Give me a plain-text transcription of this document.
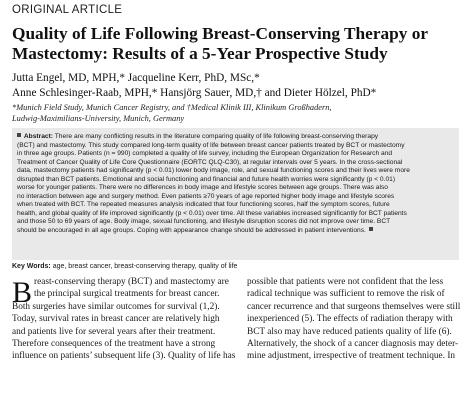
ORIGINAL ARTICLE
Quality of Life Following Breast-Conserving Therapy or
Mastectomy: Results of a 5-Year Prospective Study
Jutta Engel, MD, MPH,* Jacqueline Kerr, PhD, MSc,*
Anne Schlesinger-Raab, MPH,* Hansjörg Sauer, MD,† and Dieter Hölzel, PhD*
*Munich Field Study, Munich Cancer Registry, and †Medical Klinik III, Klinikum Großhadern,
Ludwig-Maximilians-University, Munich, Germany
Abstract: There are many conflicting results in the literature comparing quality of life following breast-conserving therapy
(BCT) and mastectomy. This study compared long-term quality of life between breast cancer patients treated by BCT or mastectomy
in three age groups. Patients (n = 990) completed a quality of life survey, including the European Organization for Research and
Treatment of Cancer Quality of Life Core Questionnaire (EORTC QLQ-C30), at regular intervals over 5 years. In the cross-sectional
data, mastectomy patients had significantly (p < 0.01) lower body image, role, and sexual functioning scores and their lives were more
disrupted than BCT patients. Emotional and social functioning and financial and future health worries were significantly (p < 0.01)
worse for younger patients. There were no differences in body image and lifestyle scores between age groups. There was also
no interaction between age and surgery method. Even patients ≥70 years of age reported higher body image and lifestyle scores
when treated with BCT. The repeated measures analysis indicated that four functioning scores, half the symptom scores, future
health, and global quality of life improved significantly (p < 0.01) over time. All these variables increased significantly for BCT patients
and those 50 to 69 years of age. Body image, sexual functioning, and lifestyle disruption scores did not improve over time. BCT
should be encouraged in all age groups. Coping with appearance change should be addressed in patient interventions.
Key Words: age, breast cancer, breast-conserving therapy, quality of life
B reast-conserving therapy (BCT) and mastectomy are
the principal surgical treatments for breast cancer.
Both surgeries have similar outcomes for survival (1,2).
Today, survival rates in breast cancer are relatively high
and patients live for several years after their treatment.
Therefore consequences of the treatment have a strong
influence on patients’ subsequent life (3). Quality of life has
possible that patients were not confident that the less
radical technique was sufficient to remove the risk of
cancer recurrence and that surgeons themselves were still
inexperienced (5). The effects of radiation therapy with
BCT also may have reduced patients quality of life (6).
Alternatively, the shock of a cancer diagnosis may deter-
mine adjustment, irrespective of treatment technique. In
